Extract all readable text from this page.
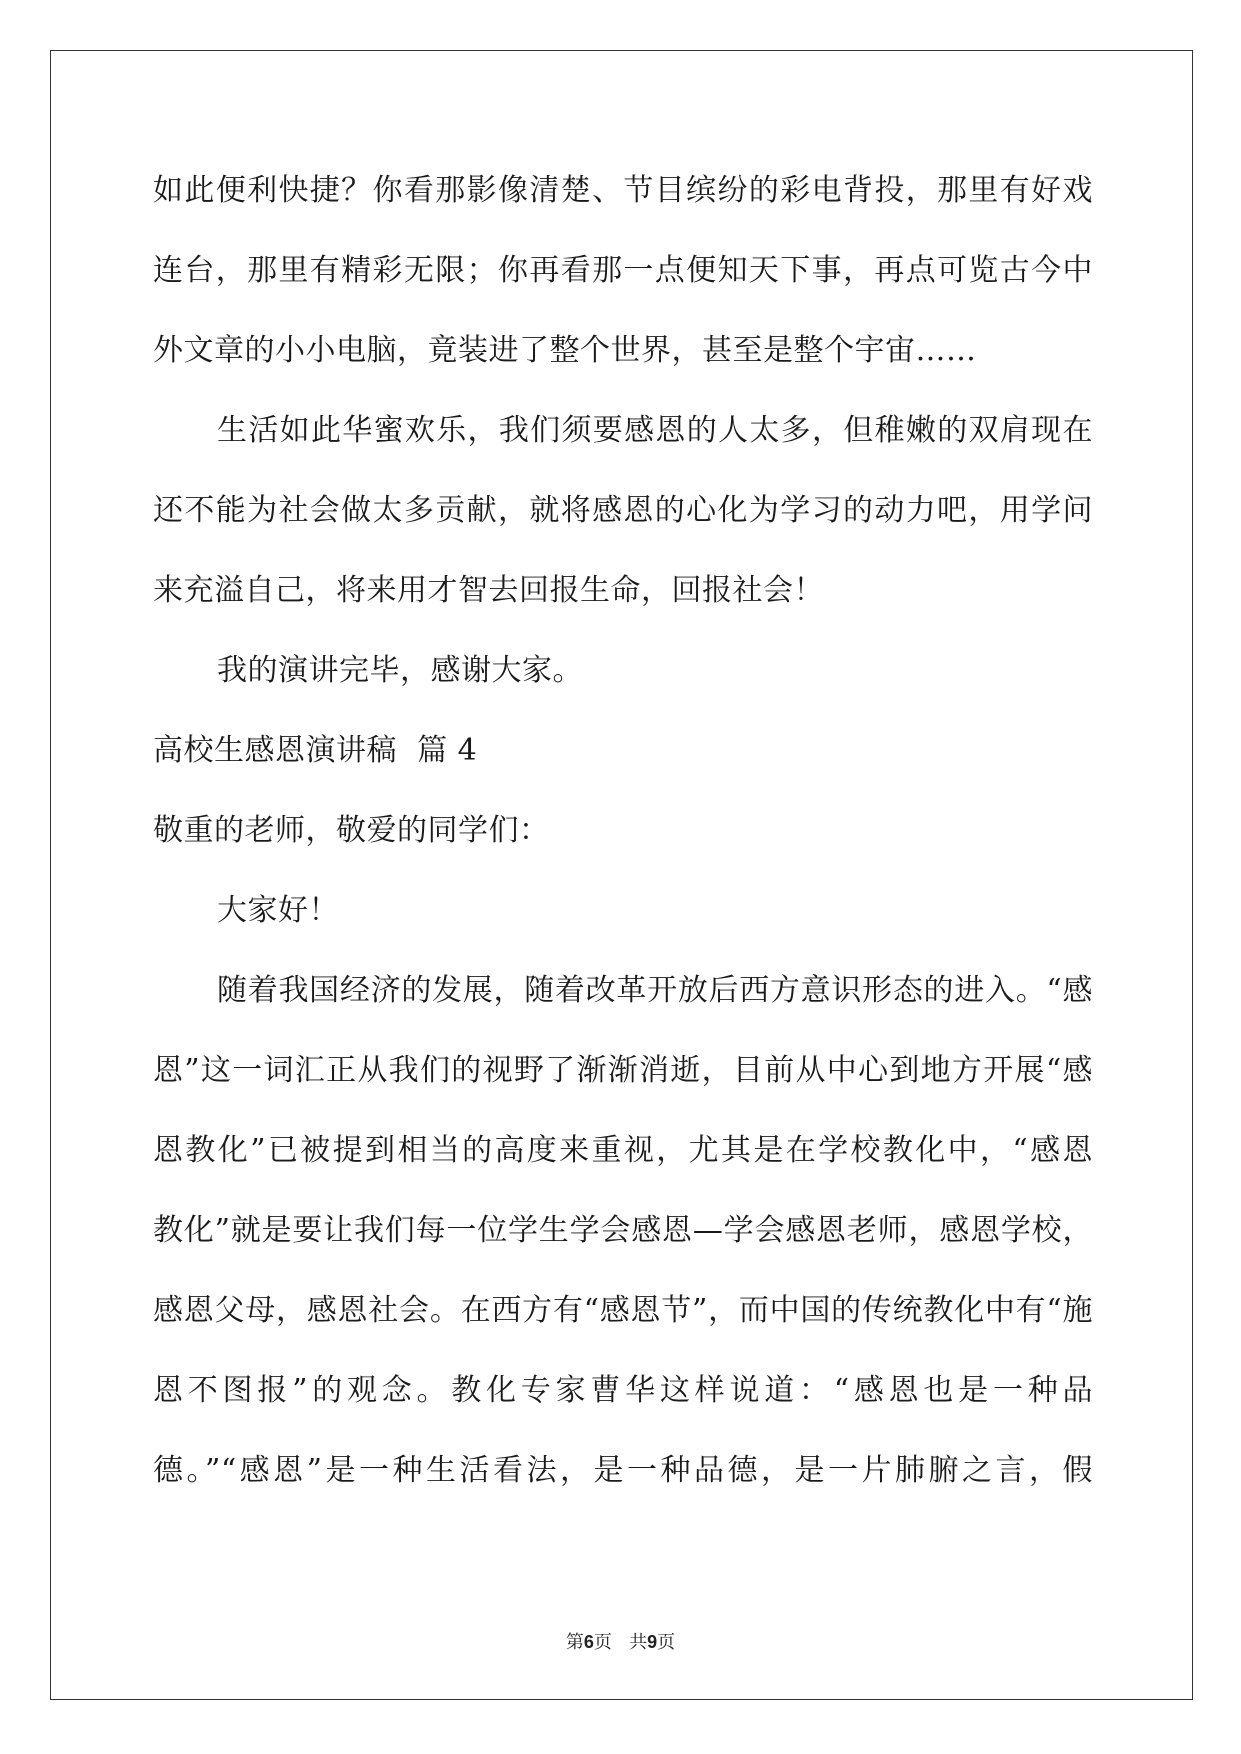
如此便利快捷？你看那影像清楚、节目缤纷的彩电背投，那里有好戏
连台，那里有精彩无限；你再看那一点便知天下事，再点可览古今中
外文章的小小电脑，竟装进了整个世界，甚至是整个宇宙……
生活如此华蜜欢乐，我们须要感恩的人太多，但稚嫩的双肩现在
还不能为社会做太多贡献，就将感恩的心化为学习的动力吧，用学问
来充溢自己，将来用才智去回报生命，回报社会！
我的演讲完毕，感谢大家。
高校生感恩演讲稿  篇 4
敬重的老师，敬爱的同学们：
大家好！
随着我国经济的发展，随着改革开放后西方意识形态的进入。“感
恩”这一词汇正从我们的视野了渐渐消逝，目前从中心到地方开展“感
恩教化”已被提到相当的高度来重视，尤其是在学校教化中，“感恩
教化”就是要让我们每一位学生学会感恩—学会感恩老师，感恩学校，
感恩父母，感恩社会。在西方有“感恩节”，而中国的传统教化中有“施
恩不图报”的观念。教化专家曹华这样说道：“感恩也是一种品
德。”“感恩”是一种生活看法，是一种品德，是一片肺腑之言，假
第6页   共9页
